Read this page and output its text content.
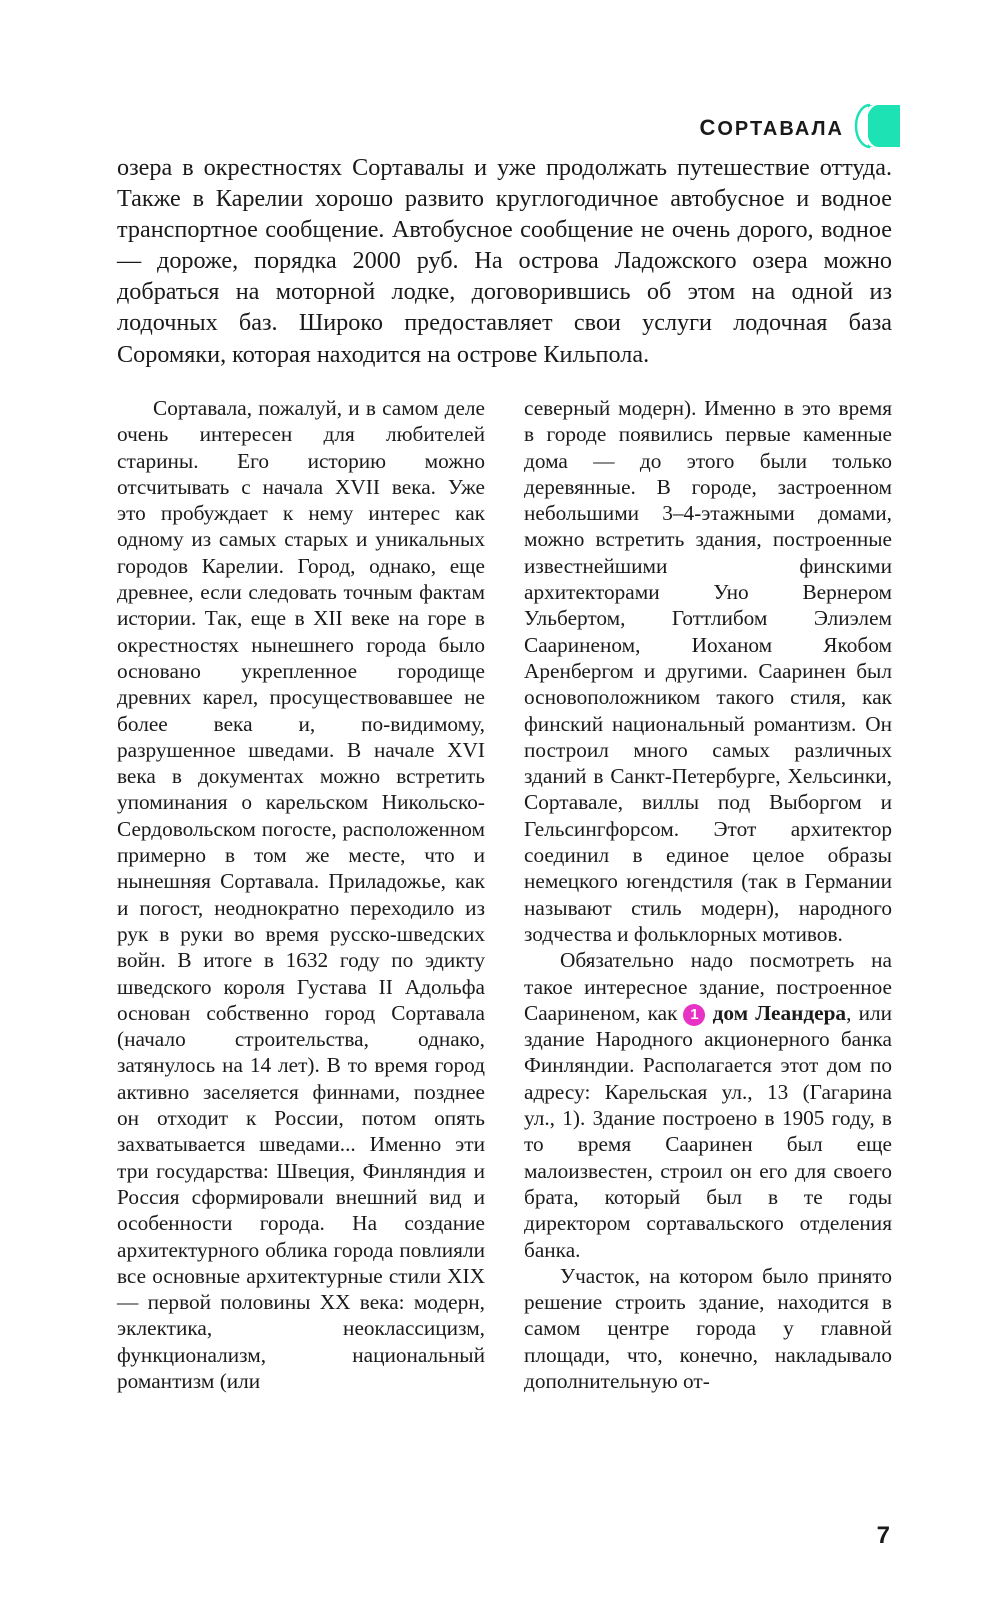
СОРТАВАЛА

озера в окрестностях Сортавалы и уже продолжать путешествие оттуда. Также в Карелии хорошо развито круглогодичное автобусное и водное транспортное сообщение. Автобусное сообщение не очень дорого, водное — дороже, порядка 2000 руб. На острова Ладожского озера можно добраться на моторной лодке, договорившись об этом на одной из лодочных баз. Широко предоставляет свои услуги лодочная база Соромяки, которая находится на острове Кильпола.

Сортавала, пожалуй, и в самом деле очень интересен для любителей старины. Его историю можно отсчитывать с начала XVII века. Уже это пробуждает к нему интерес как одному из самых старых и уникальных городов Карелии. Город, однако, еще древнее, если следовать точным фактам истории. Так, еще в XII веке на горе в окрестностях нынешнего города было основано укрепленное городище древних карел, просуществовавшее не более века и, по-видимому, разрушенное шведами. В начале XVI века в документах можно встретить упоминания о карельском Никольско-Сердовольском погосте, расположенном примерно в том же месте, что и нынешняя Сортавала. Приладожье, как и погост, неоднократно переходило из рук в руки во время русско-шведских войн. В итоге в 1632 году по эдикту шведского короля Густава II Адольфа основан собственно город Сортавала (начало строительства, однако, затянулось на 14 лет). В то время город активно заселяется финнами, позднее он отходит к России, потом опять захватывается шведами... Именно эти три государства: Швеция, Финляндия и Россия сформировали внешний вид и особенности города. На создание архитектурного облика города повлияли все основные архитектурные стили XIX — первой половины XX века: модерн, эклектика, неоклассицизм, функционализм, национальный романтизм (или

северный модерн). Именно в это время в городе появились первые каменные дома — до этого были только деревянные. В городе, застроенном небольшими 3–4-этажными домами, можно встретить здания, построенные известнейшими финскими архитекторами Уно Вернером Ульбертом, Готтлибом Элиэлем Саариненом, Иоханом Якобом Аренбергом и другими. Сааринен был основоположником такого стиля, как финский национальный романтизм. Он построил много самых различных зданий в Санкт-Петербурге, Хельсинки, Сортавале, виллы под Выборгом и Гельсингфорсом. Этот архитектор соединил в единое целое образы немецкого югендстиля (так в Германии называют стиль модерн), народного зодчества и фольклорных мотивов.

Обязательно надо посмотреть на такое интересное здание, построенное Саариненом, как 1 дом Леандера, или здание Народного акционерного банка Финляндии. Располагается этот дом по адресу: Карельская ул., 13 (Гагарина ул., 1). Здание построено в 1905 году, в то время Сааринен был еще малоизвестен, строил он его для своего брата, который был в те годы директором сортавальского отделения банка.

Участок, на котором было принято решение строить здание, находится в самом центре города у главной площади, что, конечно, накладывало дополнительную от-

7
